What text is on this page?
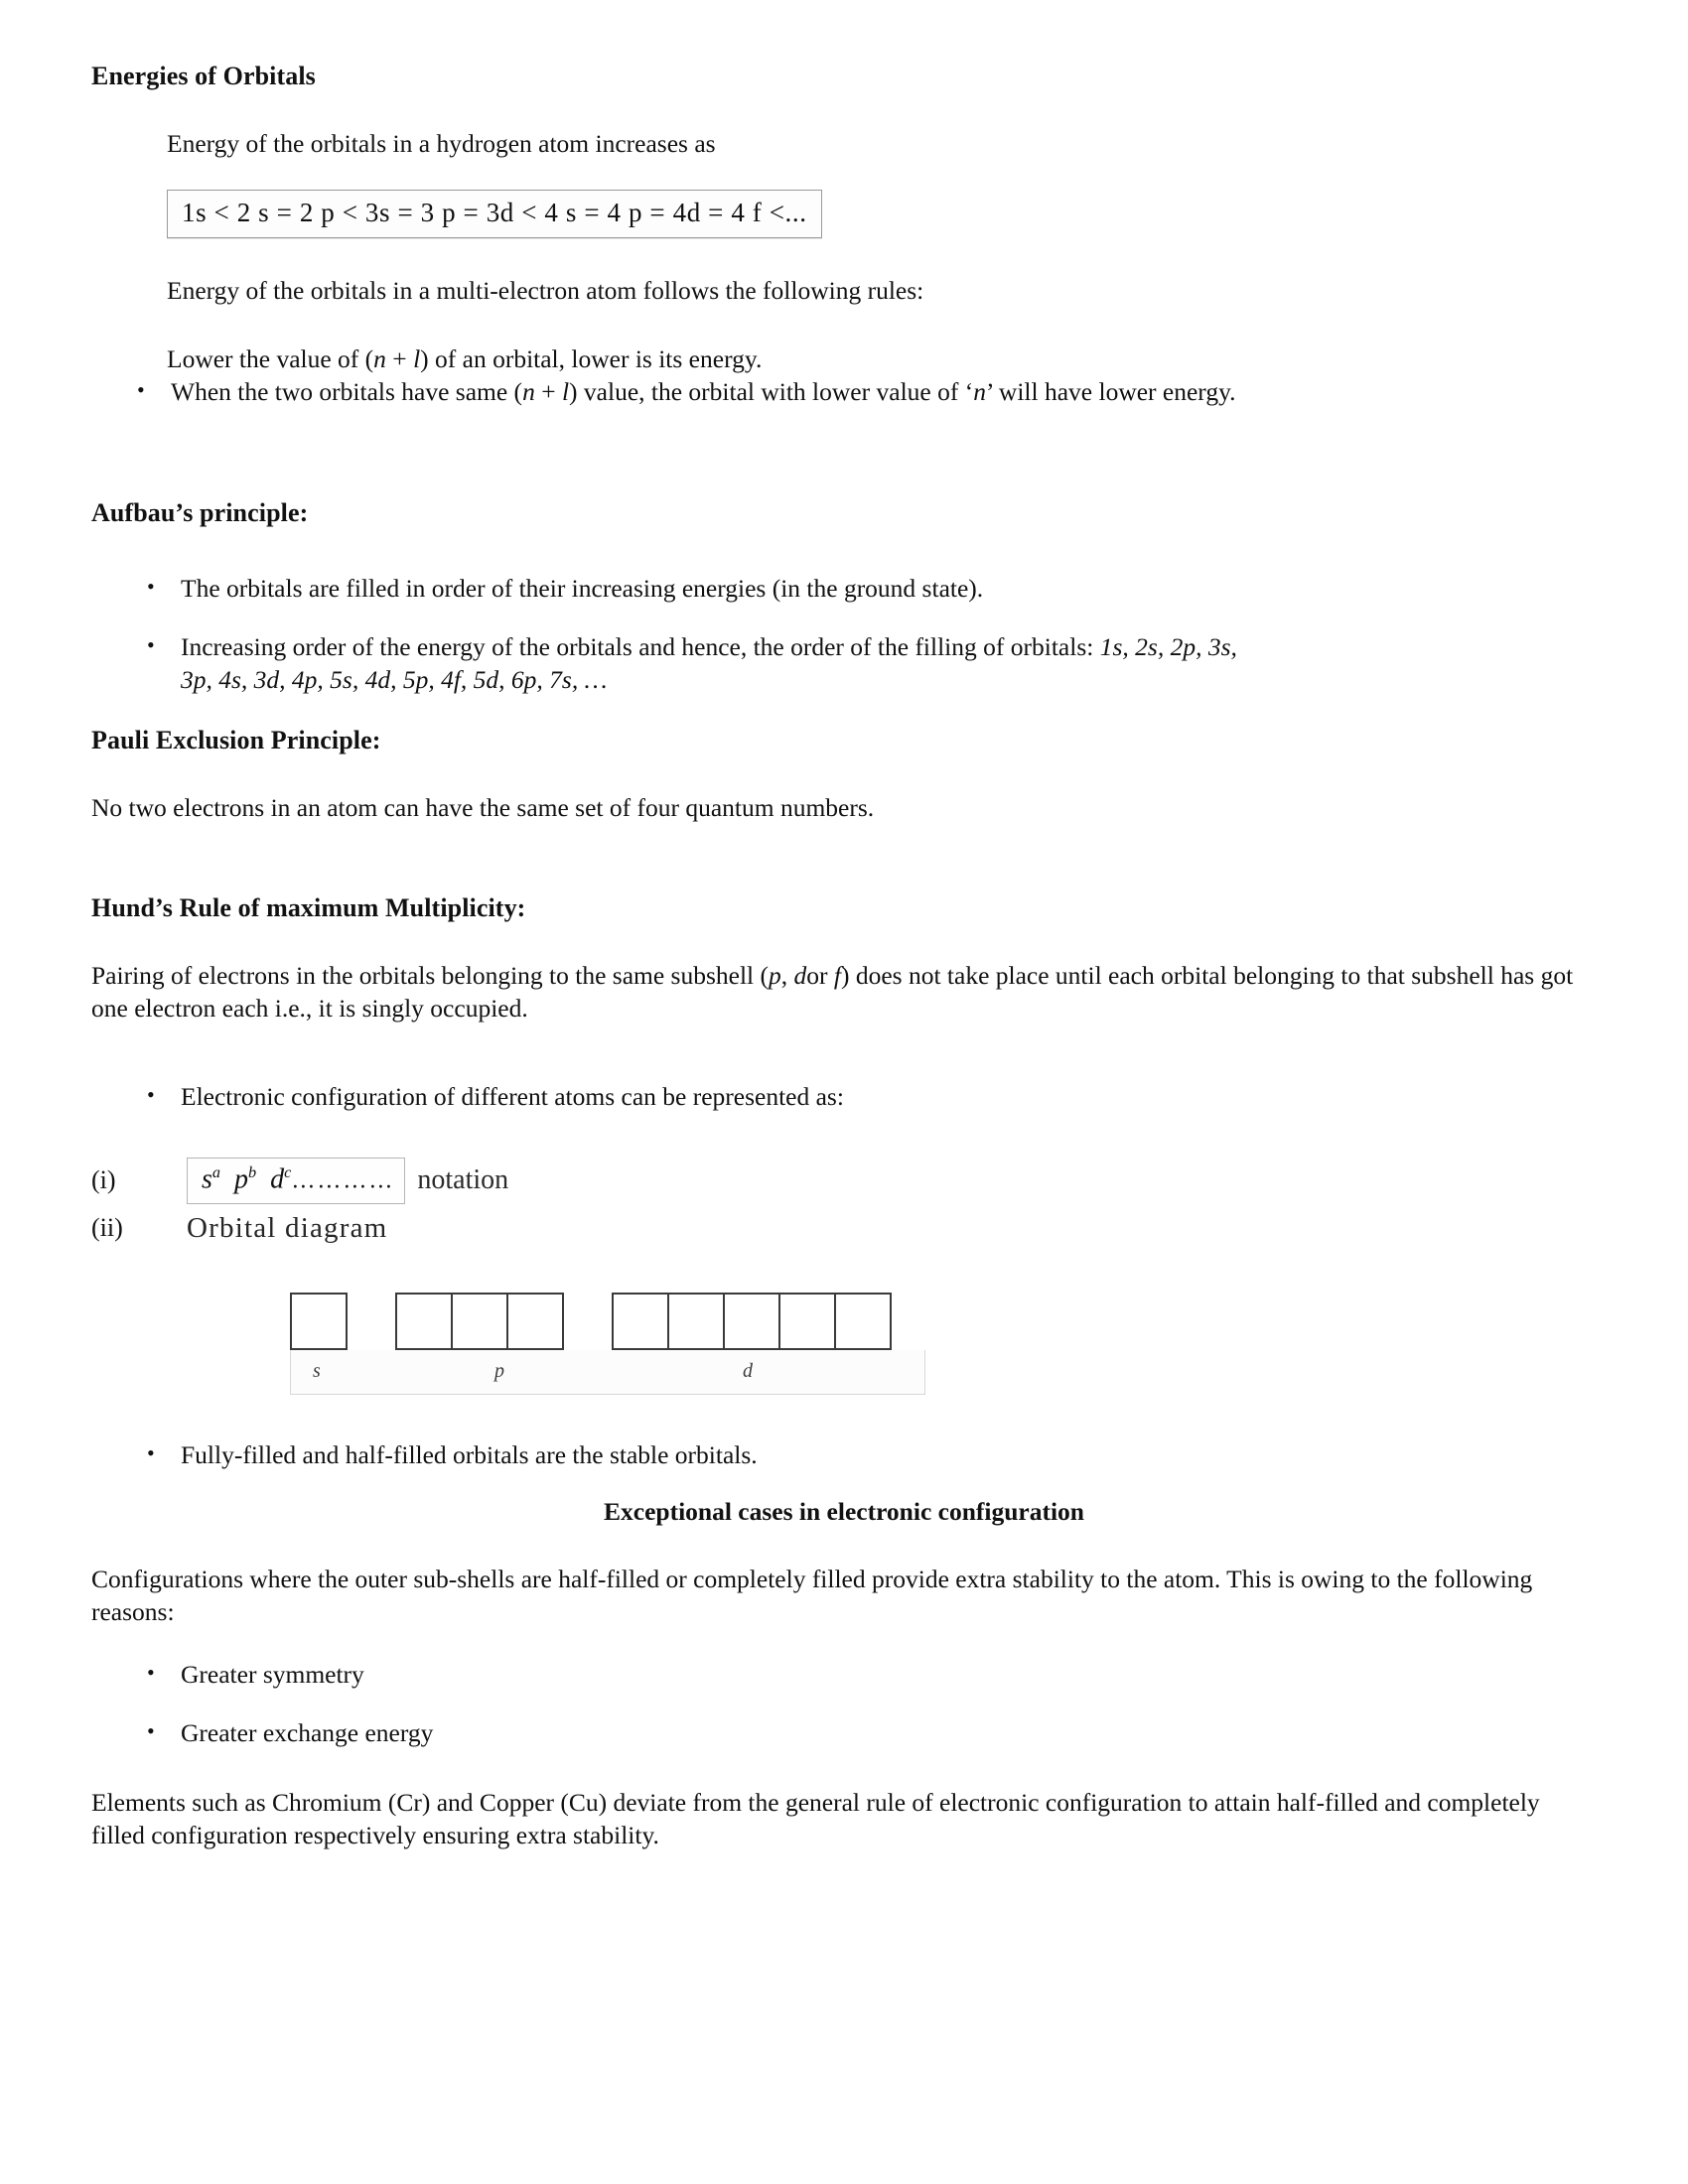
Energies of Orbitals
Energy of the orbitals in a hydrogen atom increases as
1s < 2 s = 2 p < 3s = 3 p = 3d < 4 s = 4 p = 4d = 4 f <...
Energy of the orbitals in a multi-electron atom follows the following rules:
Lower the value of (n + l) of an orbital, lower is its energy.
• When the two orbitals have same (n + l) value, the orbital with lower value of ‘n’ will have lower energy.
Aufbau’s principle:
• The orbitals are filled in order of their increasing energies (in the ground state).
• Increasing order of the energy of the orbitals and hence, the order of the filling of orbitals: 1s, 2s, 2p, 3s,
3p, 4s, 3d, 4p, 5s, 4d, 5p, 4f, 5d, 6p, 7s, …
Pauli Exclusion Principle:
No two electrons in an atom can have the same set of four quantum numbers.
Hund’s Rule of maximum Multiplicity:
Pairing of electrons in the orbitals belonging to the same subshell (p, dor f) does not take place until each orbital belonging to that subshell has got one electron each i.e., it is singly occupied.
• Electronic configuration of different atoms can be represented as:
(i)	$s^a$ $p^b$ $d^c\dots\dots\dots\dots$ notation
(ii)	Orbital diagram
s	p	d
• Fully-filled and half-filled orbitals are the stable orbitals.
Exceptional cases in electronic configuration
Configurations where the outer sub-shells are half-filled or completely filled provide extra stability to the atom. This is owing to the following reasons:
• Greater symmetry
• Greater exchange energy
Elements such as Chromium (Cr) and Copper (Cu) deviate from the general rule of electronic configuration to attain half-filled and completely filled configuration respectively ensuring extra stability.
